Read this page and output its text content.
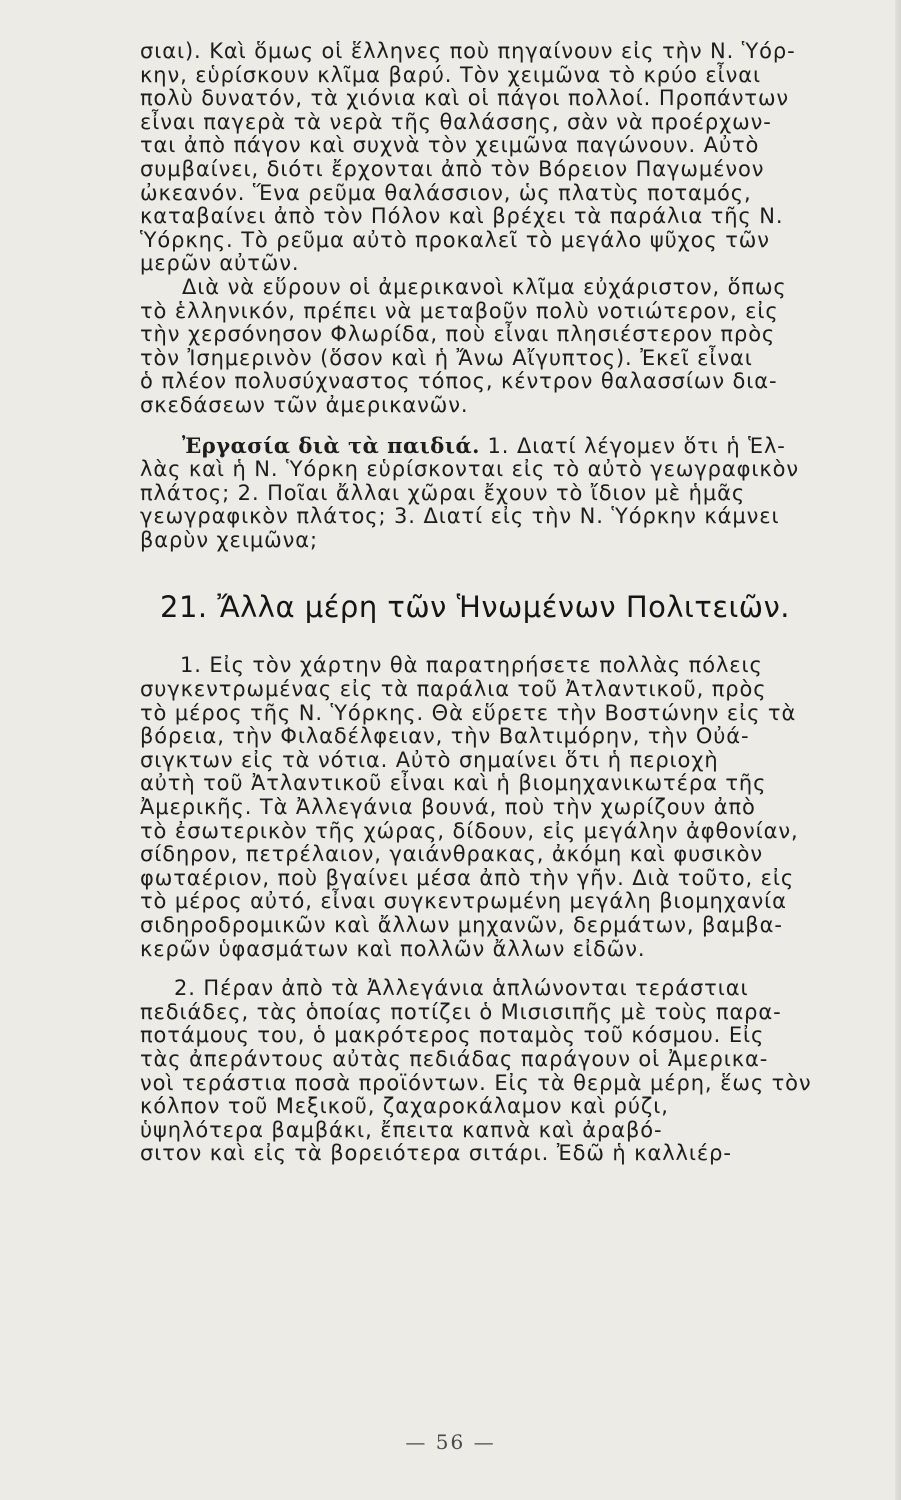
σιαι). Καὶ ὅμως οἱ ἕλληνες ποὺ πηγαίνουν εἰς τὴν Ν. Ὑόρ-
κην, εὑρίσκουν κλῖμα βαρύ. Τὸν χειμῶνα τὸ κρύο εἶναι
πολὺ δυνατόν, τὰ χιόνια καὶ οἱ πάγοι πολλοί. Προπάντων
εἶναι παγερὰ τὰ νερὰ τῆς θαλάσσης, σὰν νὰ προέρχων-
ται ἀπὸ πάγον καὶ συχνὰ τὸν χειμῶνα παγώνουν. Αὐτὸ
συμβαίνει, διότι ἔρχονται ἀπὸ τὸν Βόρειον Παγωμένον
ὠκεανόν. Ἕνα ρεῦμα θαλάσσιον, ὡς πλατὺς ποταμός,
καταβαίνει ἀπὸ τὸν Πόλον καὶ βρέχει τὰ παράλια τῆς Ν.
Ὑόρκης. Τὸ ρεῦμα αὐτὸ προκαλεῖ τὸ μεγάλο ψῦχος τῶν
μερῶν αὐτῶν.
Διὰ νὰ εὕρουν οἱ ἀμερικανοὶ κλῖμα εὐχάριστον, ὅπως
τὸ ἑλληνικόν, πρέπει νὰ μεταβοῦν πολὺ νοτιώτερον, εἰς
τὴν χερσόνησον Φλωρίδα, ποὺ εἶναι πλησιέστερον πρὸς
τὸν Ἰσημερινὸν (ὅσον καὶ ἡ Ἄνω Αἴγυπτος). Ἐκεῖ εἶναι
ὁ πλέον πολυσύχναστος τόπος, κέντρον θαλασσίων δια-
σκεδάσεων τῶν ἀμερικανῶν.
Ἐργασία διὰ τὰ παιδιά. 1. Διατί λέγομεν ὅτι ἡ Ἑλ-
λὰς καὶ ἡ Ν. Ὑόρκη εὑρίσκονται εἰς τὸ αὐτὸ γεωγραφικὸν
πλάτος; 2. Ποῖαι ἄλλαι χῶραι ἔχουν τὸ ἴδιον μὲ ἡμᾶς
γεωγραφικὸν πλάτος; 3. Διατί εἰς τὴν Ν. Ὑόρκην κάμνει
βαρὺν χειμῶνα;
21. Ἄλλα μέρη τῶν Ἡνωμένων Πολιτειῶν.
1. Εἰς τὸν χάρτην θὰ παρατηρήσετε πολλὰς πόλεις
συγκεντρωμένας εἰς τὰ παράλια τοῦ Ἀτλαντικοῦ, πρὸς
τὸ μέρος τῆς Ν. Ὑόρκης. Θὰ εὕρετε τὴν Βοστώνην εἰς τὰ
βόρεια, τὴν Φιλαδέλφειαν, τὴν Βαλτιμόρην, τὴν Οὐά-
σιγκτων εἰς τὰ νότια. Αὐτὸ σημαίνει ὅτι ἡ περιοχὴ
αὐτὴ τοῦ Ἀτλαντικοῦ εἶναι καὶ ἡ βιομηχανικωτέρα τῆς
Ἀμερικῆς. Τὰ Ἀλλεγάνια βουνά, ποὺ τὴν χωρίζουν ἀπὸ
τὸ ἐσωτερικὸν τῆς χώρας, δίδουν, εἰς μεγάλην ἀφθονίαν,
σίδηρον, πετρέλαιον, γαιάνθρακας, ἀκόμη καὶ φυσικὸν
φωταέριον, ποὺ βγαίνει μέσα ἀπὸ τὴν γῆν. Διὰ τοῦτο, εἰς
τὸ μέρος αὐτό, εἶναι συγκεντρωμένη μεγάλη βιομηχανία
σιδηροδρομικῶν καὶ ἄλλων μηχανῶν, δερμάτων, βαμβα-
κερῶν ὑφασμάτων καὶ πολλῶν ἄλλων εἰδῶν.
2. Πέραν ἀπὸ τὰ Ἀλλεγάνια ἁπλώνονται τεράστιαι
πεδιάδες, τὰς ὁποίας ποτίζει ὁ Μισισιπῆς μὲ τοὺς παρα-
ποτάμους του, ὁ μακρότερος ποταμὸς τοῦ κόσμου. Εἰς
τὰς ἀπεράντους αὐτὰς πεδιάδας παράγουν οἱ Ἀμερικα-
νοὶ τεράστια ποσὰ προϊόντων. Εἰς τὰ θερμὰ μέρη, ἕως τὸν
κόλπον τοῦ Μεξικοῦ, ζαχαροκάλαμον καὶ ρύζι,
ὑψηλότερα βαμβάκι, ἔπειτα καπνὰ καὶ ἀραβό-
σιτον καὶ εἰς τὰ βορειότερα σιτάρι. Ἐδῶ ἡ καλλιέρ-
— 56 —
